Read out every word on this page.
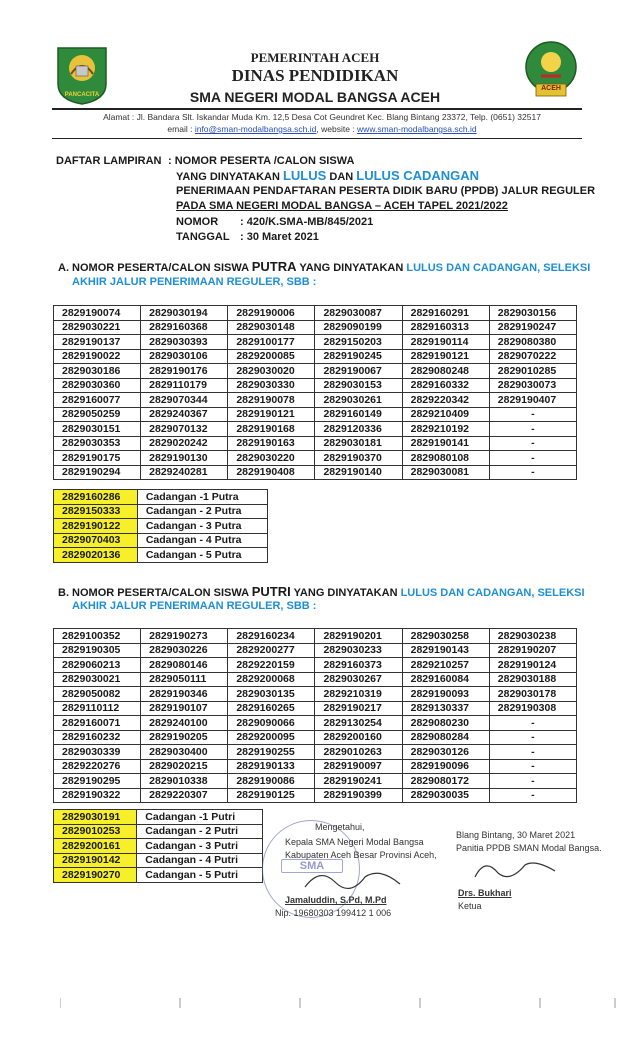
PANCACITA
ACEH
PEMERINTAH ACEH
DINAS PENDIDIKAN
SMA NEGERI MODAL BANGSA ACEH
Alamat : Jl. Bandara Slt. Iskandar Muda Km. 12,5 Desa Cot Geundret Kec. Blang Bintang 23372, Telp. (0651) 32517
email : info@sman-modalbangsa.sch.id, website : www.sman-modalbangsa.sch.id
DAFTAR LAMPIRAN : NOMOR PESERTA /CALON SISWA
YANG DINYATAKAN LULUS DAN LULUS CADANGAN
PENERIMAAN PENDAFTARAN PESERTA DIDIK BARU (PPDB) JALUR REGULER
PADA SMA NEGERI MODAL BANGSA – ACEH TAPEL 2021/2022
NOMOR : 420/K.SMA-MB/845/2021
TANGGAL : 30 Maret 2021
A. NOMOR PESERTA/CALON SISWA PUTRA YANG DINYATAKAN LULUS DAN CADANGAN, SELEKSI
AKHIR JALUR PENERIMAAN REGULER, SBB :
2829190074	2829030194	2829190006	2829030087	2829160291	2829030156
2829030221	2829160368	2829030148	2829090199	2829160313	2829190247
2829190137	2829030393	2829100177	2829150203	2829190114	2829080380
2829190022	2829030106	2829200085	2829190245	2829190121	2829070222
2829030186	2829190176	2829030020	2829190067	2829080248	2829010285
2829030360	2829110179	2829030330	2829030153	2829160332	2829030073
2829160077	2829070344	2829190078	2829030261	2829220342	2829190407
2829050259	2829240367	2829190121	2829160149	2829210409	-
2829030151	2829070132	2829190168	2829120336	2829210192	-
2829030353	2829020242	2829190163	2829030181	2829190141	-
2829190175	2829190130	2829030220	2829190370	2829080108	-
2829190294	2829240281	2829190408	2829190140	2829030081	-
2829160286	Cadangan -1 Putra
2829150333	Cadangan - 2 Putra
2829190122	Cadangan - 3 Putra
2829070403	Cadangan - 4 Putra
2829020136	Cadangan - 5 Putra
B. NOMOR PESERTA/CALON SISWA PUTRI YANG DINYATAKAN LULUS DAN CADANGAN, SELEKSI
AKHIR JALUR PENERIMAAN REGULER, SBB :
2829100352	2829190273	2829160234	2829190201	2829030258	2829030238
2829190305	2829030226	2829200277	2829030233	2829190143	2829190207
2829060213	2829080146	2829220159	2829160373	2829210257	2829190124
2829030021	2829050111	2829200068	2829030267	2829160084	2829030188
2829050082	2829190346	2829030135	2829210319	2829190093	2829030178
2829110112	2829190107	2829160265	2829190217	2829130337	2829190308
2829160071	2829240100	2829090066	2829130254	2829080230	-
2829160232	2829190205	2829200095	2829200160	2829080284	-
2829030339	2829030400	2829190255	2829010263	2829030126	-
2829220276	2829020215	2829190133	2829190097	2829190096	-
2829190295	2829010338	2829190086	2829190241	2829080172	-
2829190322	2829220307	2829190125	2829190399	2829030035	-
2829030191	Cadangan -1 Putri
2829010253	Cadangan - 2 Putri
2829200161	Cadangan - 3 Putri
2829190142	Cadangan - 4 Putri
2829190270	Cadangan - 5 Putri
SMA
Mengetahui,
Kepala SMA Negeri Modal Bangsa
Kabupaten Aceh Besar Provinsi Aceh,
Jamaluddin, S.Pd, M.Pd
Nip. 19680303 199412 1 006
Blang Bintang, 30 Maret 2021
Panitia PPDB SMAN Modal Bangsa.
Drs. Bukhari
Ketua
